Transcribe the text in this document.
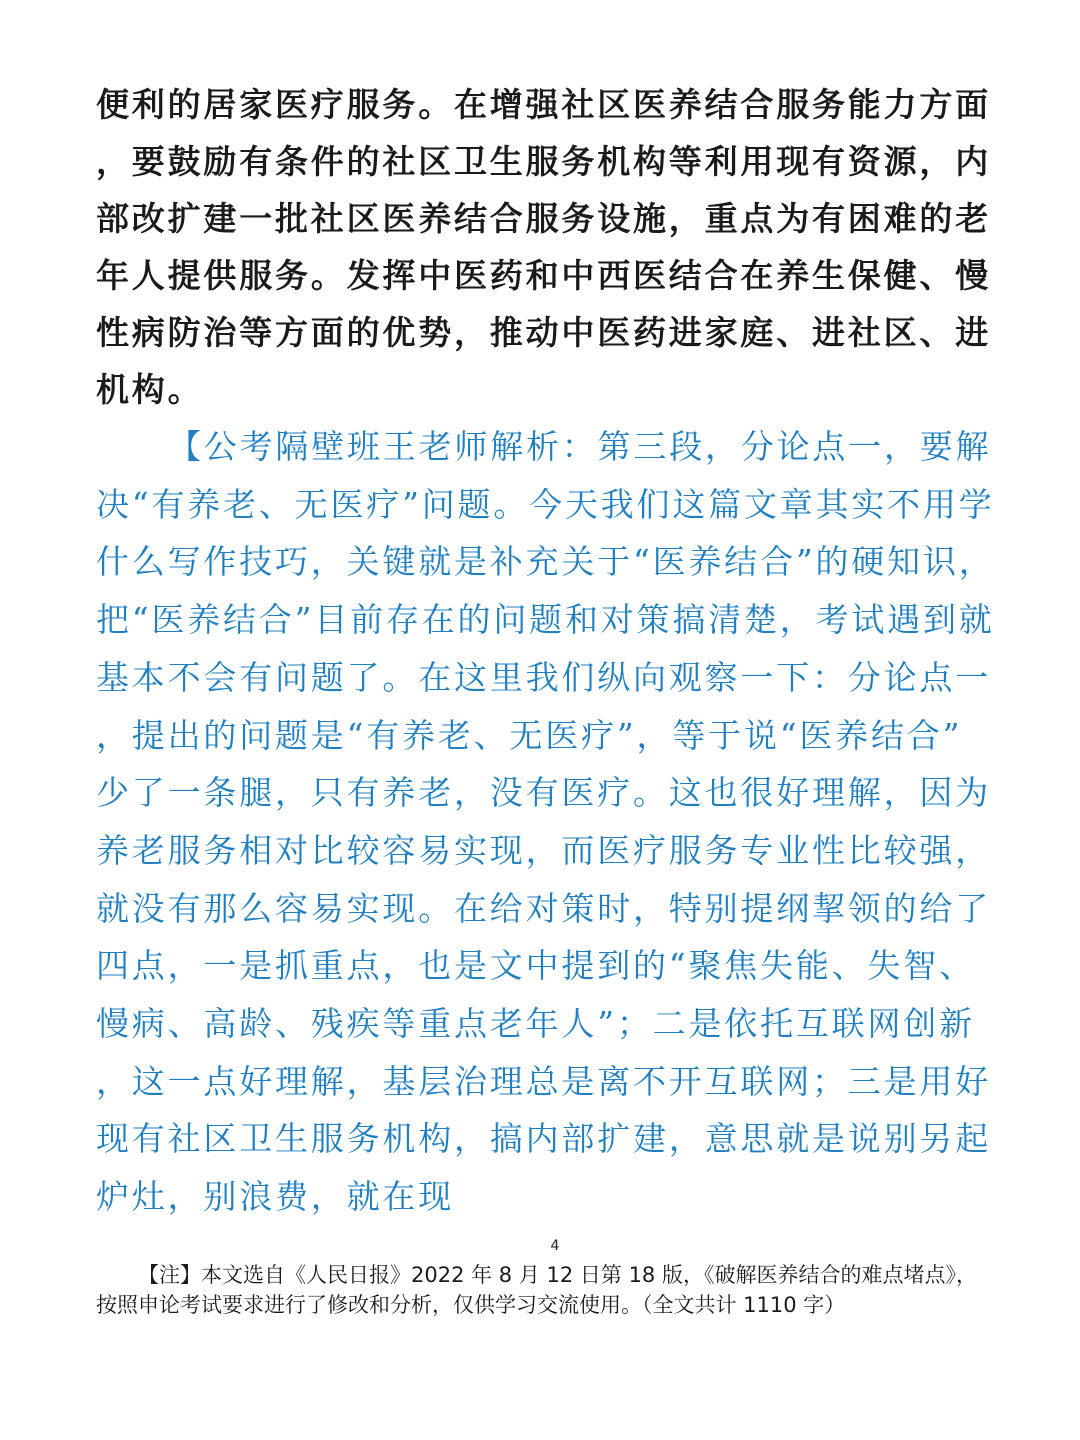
便利的居家医疗服务。在增强社区医养结合服务能力方面，要鼓励有条件的社区卫生服务机构等利用现有资源，内部改扩建一批社区医养结合服务设施，重点为有困难的老年人提供服务。发挥中医药和中西医结合在养生保健、慢性病防治等方面的优势，推动中医药进家庭、进社区、进机构。

【公考隔壁班王老师解析：第三段，分论点一，要解决“有养老、无医疗”问题。今天我们这篇文章其实不用学什么写作技巧，关键就是补充关于“医养结合”的硬知识，把“医养结合”目前存在的问题和对策搞清楚，考试遇到就基本不会有问题了。在这里我们纵向观察一下：分论点一，提出的问题是“有养老、无医疗”，等于说“医养结合”少了一条腿，只有养老，没有医疗。这也很好理解，因为养老服务相对比较容易实现，而医疗服务专业性比较强，就没有那么容易实现。在给对策时，特别提纲挈领的给了四点，一是抓重点，也是文中提到的“聚焦失能、失智、慢病、高龄、残疾等重点老年人”；二是依托互联网创新，这一点好理解，基层治理总是离不开互联网；三是用好现有社区卫生服务机构，搞内部扩建，意思就是说别另起炉灶，别浪费，就在现

4

【注】本文选自《人民日报》2022 年 8 月 12 日第 18 版，《破解医养结合的难点堵点》，按照申论考试要求进行了修改和分析，仅供学习交流使用。（全文共计 1110 字）
